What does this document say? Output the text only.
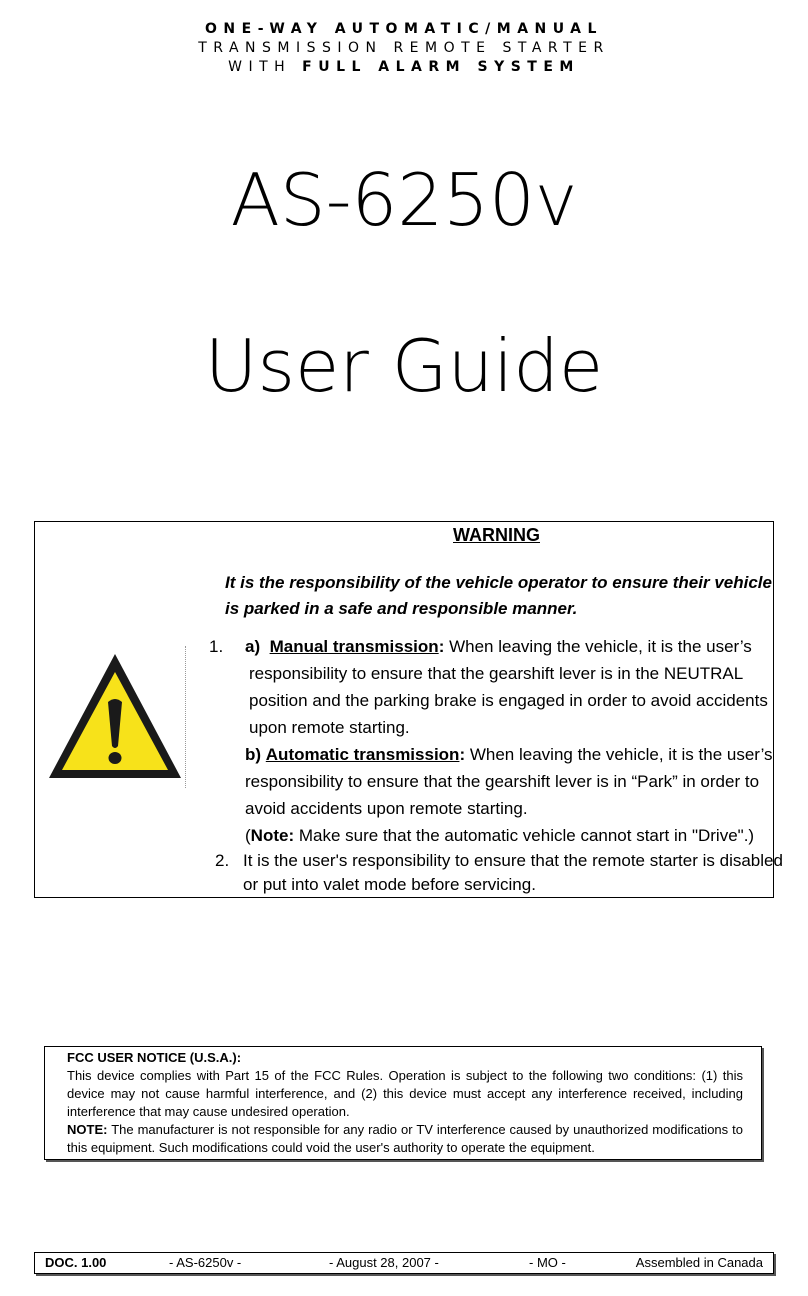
ONE-WAY AUTOMATIC/MANUAL
TRANSMISSION REMOTE STARTER
WITH FULL ALARM SYSTEM
AS-6250v
User Guide
WARNING
It is the responsibility of the vehicle operator to ensure their vehicle
is parked in a safe and responsible manner.
1. a) Manual transmission: When leaving the vehicle, it is the user’s
responsibility to ensure that the gearshift lever is in the NEUTRAL
position and the parking brake is engaged in order to avoid accidents
upon remote starting.
b) Automatic transmission: When leaving the vehicle, it is the user’s
responsibility to ensure that the gearshift lever is in “Park” in order to
avoid accidents upon remote starting.
(Note: Make sure that the automatic vehicle cannot start in "Drive".)
2. It is the user's responsibility to ensure that the remote starter is disabled
or put into valet mode before servicing.
FCC USER NOTICE (U.S.A.):
This device complies with Part 15 of the FCC Rules. Operation is subject to the following two conditions: (1) this device may not cause harmful interference, and (2) this device must accept any interference received, including interference that may cause undesired operation.
NOTE: The manufacturer is not responsible for any radio or TV interference caused by unauthorized modifications to this equipment. Such modifications could void the user's authority to operate the equipment.
DOC. 1.00	- AS-6250v -	- August 28, 2007 -	- MO -	Assembled in Canada
